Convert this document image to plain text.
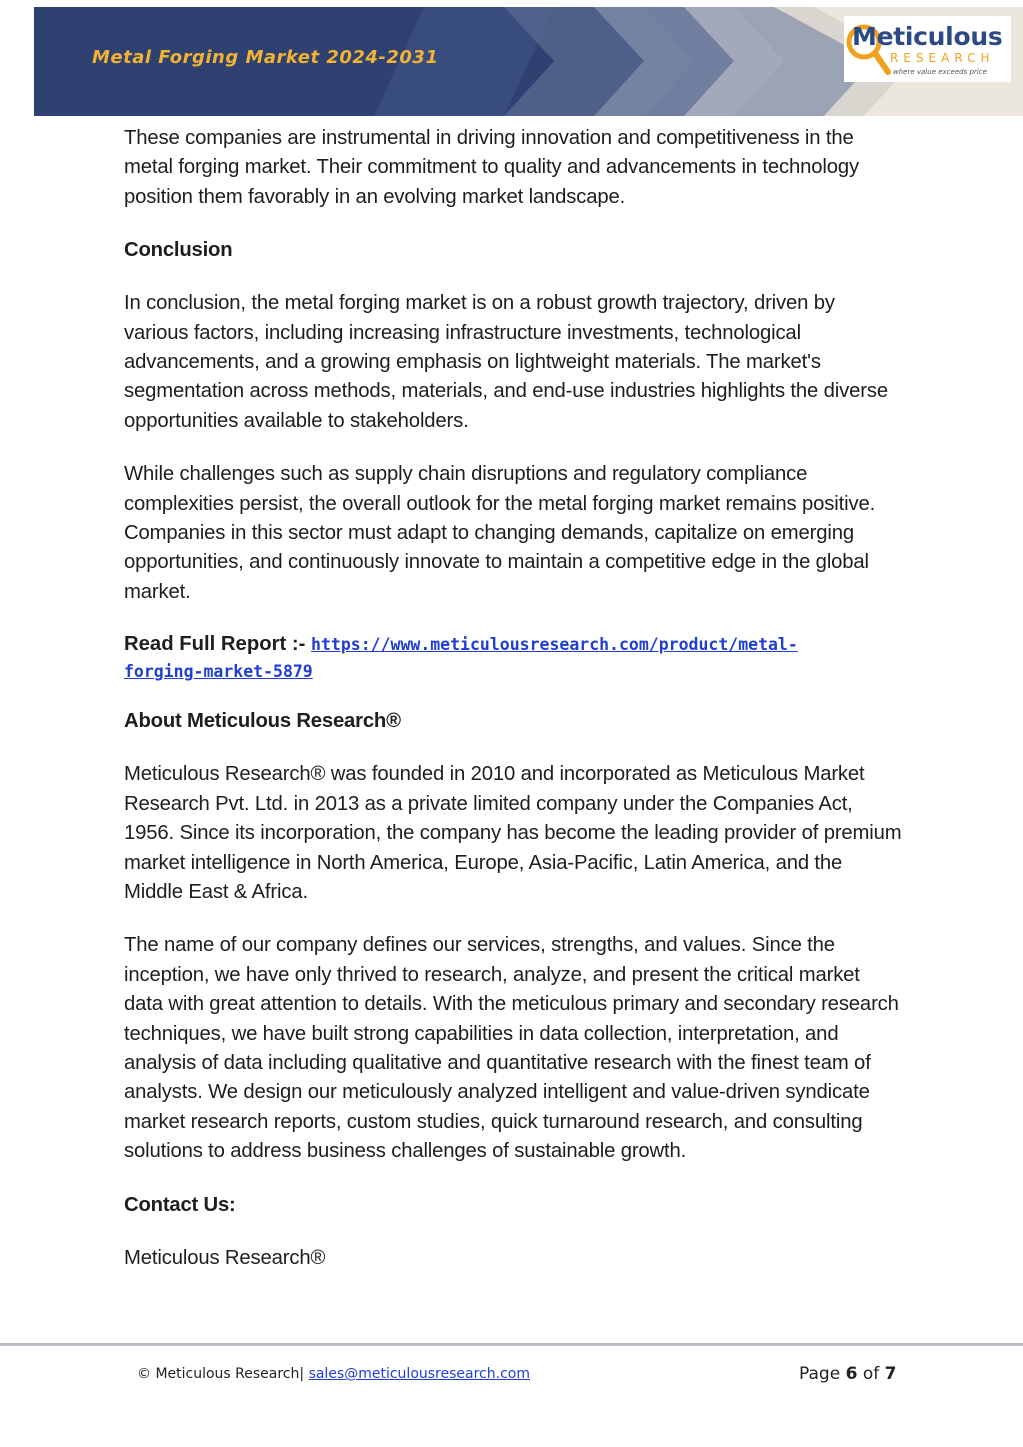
Metal Forging Market 2024-2031
Meticulous
RESEARCH
where value exceeds price

These companies are instrumental in driving innovation and competitiveness in the metal forging market. Their commitment to quality and advancements in technology position them favorably in an evolving market landscape.

Conclusion

In conclusion, the metal forging market is on a robust growth trajectory, driven by various factors, including increasing infrastructure investments, technological advancements, and a growing emphasis on lightweight materials. The market's segmentation across methods, materials, and end-use industries highlights the diverse opportunities available to stakeholders.

While challenges such as supply chain disruptions and regulatory compliance complexities persist, the overall outlook for the metal forging market remains positive. Companies in this sector must adapt to changing demands, capitalize on emerging opportunities, and continuously innovate to maintain a competitive edge in the global market.

Read Full Report :- https://www.meticulousresearch.com/product/metal-
forging-market-5879
About Meticulous Research®

Meticulous Research® was founded in 2010 and incorporated as Meticulous Market Research Pvt. Ltd. in 2013 as a private limited company under the Companies Act, 1956. Since its incorporation, the company has become the leading provider of premium market intelligence in North America, Europe, Asia-Pacific, Latin America, and the Middle East & Africa.

The name of our company defines our services, strengths, and values. Since the inception, we have only thrived to research, analyze, and present the critical market data with great attention to details. With the meticulous primary and secondary research techniques, we have built strong capabilities in data collection, interpretation, and analysis of data including qualitative and quantitative research with the finest team of analysts. We design our meticulously analyzed intelligent and value-driven syndicate market research reports, custom studies, quick turnaround research, and consulting solutions to address business challenges of sustainable growth.

Contact Us:

Meticulous Research®

© Meticulous Research| sales@meticulousresearch.com	Page 6 of 7
